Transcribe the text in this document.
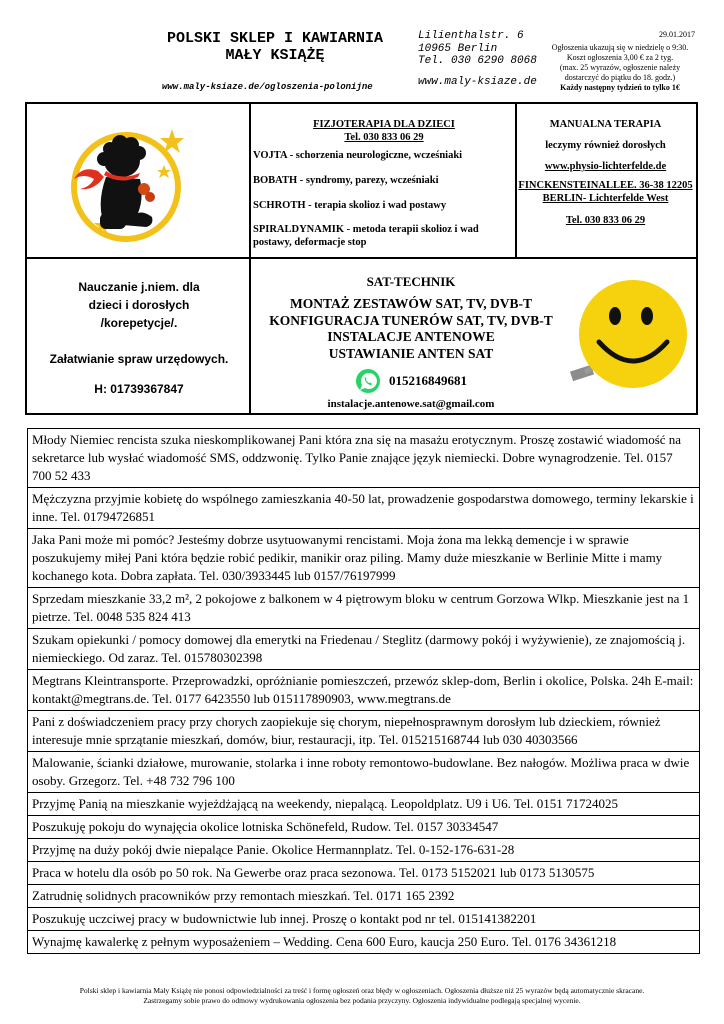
POLSKI SKLEP I KAWIARNIA
MAŁY KSIĄŻĘ
www.maly-ksiaze.de/ogloszenia-polonijne
Lilienthalstr. 6
10965 Berlin
Tel. 030 6290 8068
www.maly-ksiaze.de
29.01.2017
Ogłoszenia ukazują się w niedzielę o 9:30.
Koszt ogłoszenia 3,00 € za 2 tyg.
(max. 25 wyrazów, ogłoszenie należy
dostarczyć do piątku do 18. godz.)
Każdy następny tydzień to tylko 1€

FIZJOTERAPIA DLA DZIECI

Tel. 030 833 06 29

VOJTA - schorzenia neurologiczne, wcześniaki

BOBATH - syndromy, parezy, wcześniaki

SCHROTH - terapia skolioz i wad postawy

SPIRALDYNAMIK - metoda terapii skolioz i wad postawy, deformacje stop

MANUALNA TERAPIA

leczymy również dorosłych

www.physio-lichterfelde.de

FINCKENSTEINALLEE. 36-38 12205 BERLIN- Lichterfelde West

Tel. 030 833 06 29

Nauczanie j.niem. dla

dzieci i dorosłych

/korepetycje/.

Załatwianie spraw urzędowych.

H: 01739367847

SAT-TECHNIK
MONTAŻ ZESTAWÓW SAT, TV, DVB-T
KONFIGURACJA TUNERÓW SAT, TV, DVB-T
INSTALACJE ANTENOWE
USTAWIANIE ANTEN SAT
015216849681
instalacje.antenowe.sat@gmail.com
Młody Niemiec rencista szuka nieskomplikowanej Pani która zna się na masażu erotycznym. Proszę zostawić wiadomość na sekretarce lub wysłać wiadomość SMS, oddzwonię. Tylko Panie znające język niemiecki. Dobre wynagrodzenie. Tel. 0157 700 52 433
Mężczyzna przyjmie kobietę do wspólnego zamieszkania 40-50 lat, prowadzenie gospodarstwa domowego, terminy lekarskie i inne. Tel. 01794726851
Jaka Pani może mi pomóc? Jesteśmy dobrze usytuowanymi rencistami. Moja żona ma lekką demencje i w sprawie poszukujemy miłej Pani która będzie robić pedikir, manikir oraz piling. Mamy duże mieszkanie w Berlinie Mitte i mamy kochanego kota. Dobra zapłata. Tel. 030/3933445 lub 0157/76197999
Sprzedam mieszkanie 33,2 m², 2 pokojowe z balkonem w 4 piętrowym bloku w centrum Gorzowa Wlkp. Mieszkanie jest na 1 pietrze. Tel. 0048 535 824 413
Szukam opiekunki / pomocy domowej dla emerytki na Friedenau / Steglitz (darmowy pokój i wyżywienie), ze znajomością j. niemieckiego. Od zaraz. Tel. 015780302398
Megtrans Kleintransporte. Przeprowadzki, opróżnianie pomieszczeń, przewóz sklep-dom, Berlin i okolice, Polska. 24h E-mail: kontakt@megtrans.de. Tel. 0177 6423550 lub 015117890903, www.megtrans.de
Pani z doświadczeniem pracy przy chorych zaopiekuje się chorym, niepełnosprawnym dorosłym lub dzieckiem, również interesuje mnie sprzątanie mieszkań, domów, biur, restauracji, itp. Tel. 015215168744 lub 030 40303566
Malowanie, ścianki działowe, murowanie, stolarka i inne roboty remontowo-budowlane. Bez nałogów. Możliwa praca w dwie osoby. Grzegorz. Tel. +48 732 796 100
Przyjmę Panią na mieszkanie wyjeżdżającą na weekendy, niepalącą. Leopoldplatz. U9 i U6. Tel. 0151 71724025
Poszukuję pokoju do wynajęcia okolice lotniska Schönefeld, Rudow. Tel. 0157 30334547
Przyjmę na duży pokój dwie niepalące Panie. Okolice Hermannplatz. Tel. 0-152-176-631-28
Praca w hotelu dla osób po 50 rok. Na Gewerbe oraz praca sezonowa. Tel. 0173 5152021 lub 0173 5130575
Zatrudnię solidnych pracowników przy remontach mieszkań. Tel. 0171 165 2392
Poszukuję uczciwej pracy w budownictwie lub innej. Proszę o kontakt pod nr tel. 015141382201
Wynajmę kawalerkę z pełnym wyposażeniem – Wedding. Cena 600 Euro, kaucja 250 Euro. Tel. 0176 34361218
Polski sklep i kawiarnia Mały Książę nie ponosi odpowiedzialności za treść i formę ogłoszeń oraz błędy w ogłoszeniach. Ogłoszenia dłuższe niż 25 wyrazów będą automatycznie skracane.
Zastrzegamy sobie prawo do odmowy wydrukowania ogłoszenia bez podania przyczyny. Ogłoszenia indywidualne podlegają specjalnej wycenie.
